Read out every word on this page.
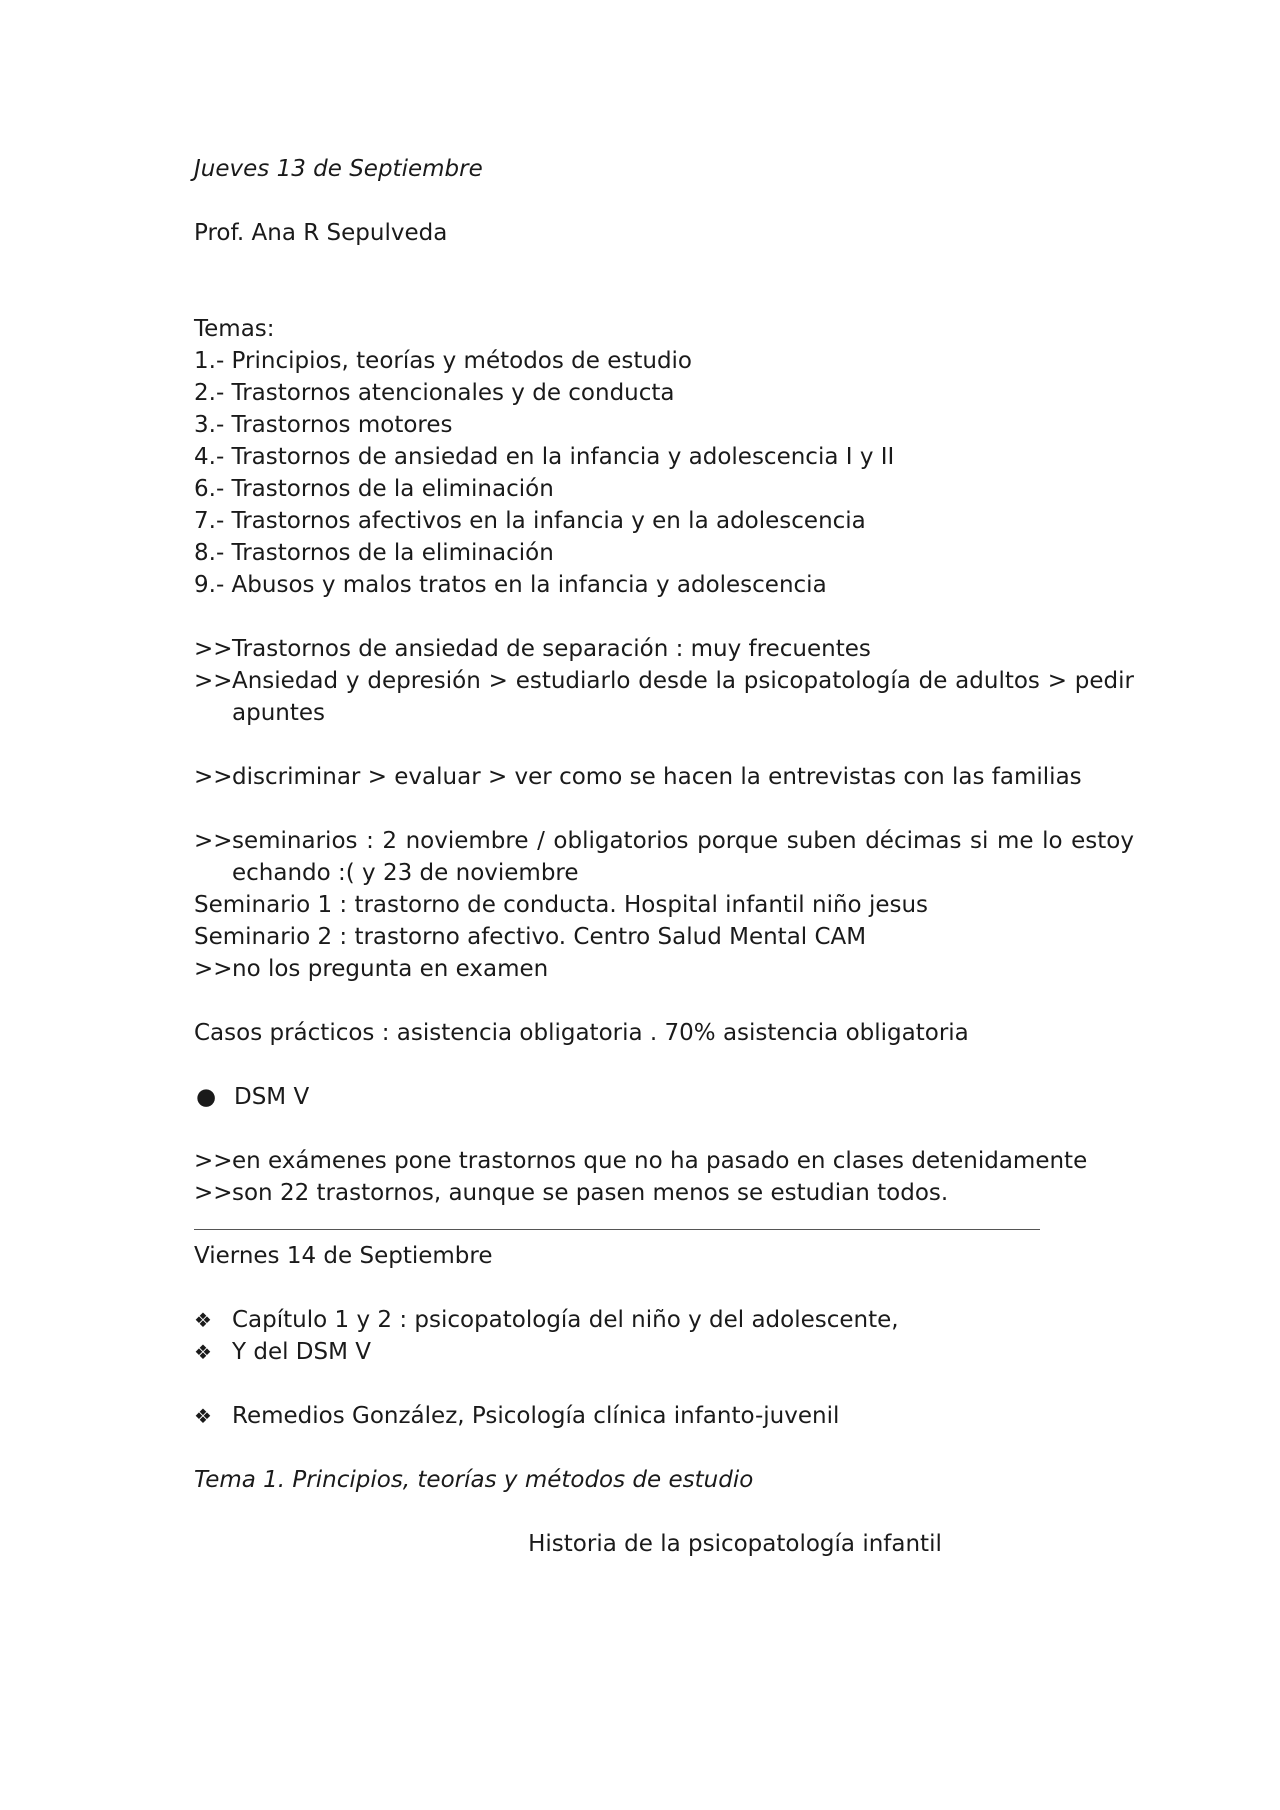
Jueves 13 de Septiembre

Prof. Ana R Sepulveda

Temas:

1.- Principios, teorías y métodos de estudio

2.- Trastornos atencionales y de conducta

3.- Trastornos motores

4.- Trastornos de ansiedad en la infancia y adolescencia I y II

6.- Trastornos de la eliminación

7.- Trastornos afectivos en la infancia y en la adolescencia

8.- Trastornos de la eliminación

9.- Abusos y malos tratos en la infancia y adolescencia

>> Trastornos de ansiedad de separación : muy frecuentes
>> Ansiedad y depresión > estudiarlo desde la psicopatología de adultos > pedir apuntes
>> discriminar > evaluar > ver como se hacen la entrevistas con las familias
>> seminarios : 2 noviembre / obligatorios porque suben décimas si me lo estoy echando :( y 23 de noviembre

Seminario 1 : trastorno de conducta. Hospital infantil niño jesus

Seminario 2 : trastorno afectivo. Centro Salud Mental CAM

>> no los pregunta en examen

Casos prácticos : asistencia obligatoria . 70% asistencia obligatoria

● DSM V
>> en exámenes pone trastornos que no ha pasado en clases detenidamente
>> son 22 trastornos, aunque se pasen menos se estudian todos.

Viernes 14 de Septiembre

❖ Capítulo 1 y 2 : psicopatología del niño y del adolescente,
❖ Y del DSM V
❖ Remedios González, Psicología clínica infanto-juvenil

Tema 1. Principios, teorías y métodos de estudio

Historia de la psicopatología infantil
